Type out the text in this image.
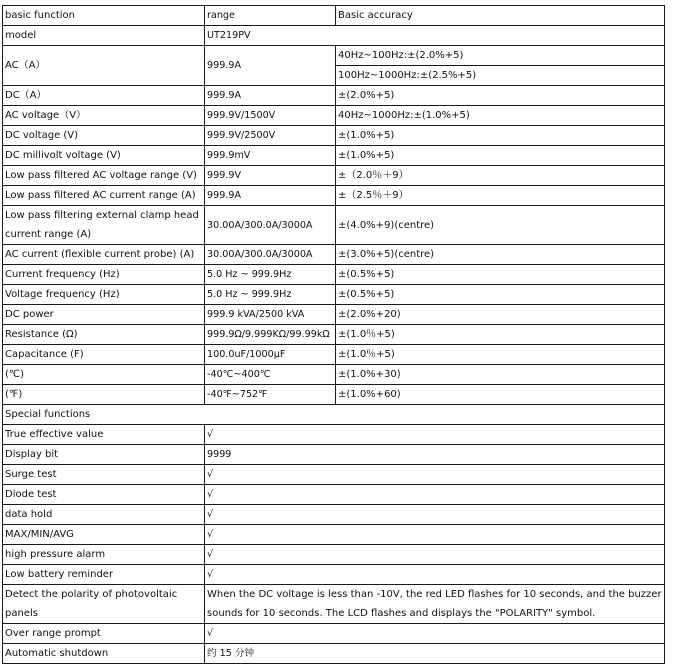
basic function	range	Basic accuracy
model	UT219PV	
AC（A）	999.9A	40Hz~100Hz:±(2.0%+5)
		100Hz~1000Hz:±(2.5%+5)
DC（A）	999.9A	±(2.0%+5)
AC voltage（V）	999.9V/1500V	40Hz~1000Hz:±(1.0%+5)
DC voltage (V)	999.9V/2500V	±(1.0%+5)
DC millivolt voltage (V)	999.9mV	±(1.0%+5)
Low pass filtered AC voltage range (V)	999.9V	±（2.0％＋9）
Low pass filtered AC current range (A)	999.9A	±（2.5％＋9）
Low pass filtering external clamp head current range (A)	30.00A/300.0A/3000A	±(4.0%+9)(centre)
AC current (flexible current probe) (A)	30.00A/300.0A/3000A	±(3.0%+5)(centre)
Current frequency (Hz)	5.0 Hz ~ 999.9Hz	±(0.5%+5)
Voltage frequency (Hz)	5.0 Hz ~ 999.9Hz	±(0.5%+5)
DC power	999.9 kVA/2500 kVA	±(2.0%+20)
Resistance (Ω)	999.9Ω/9.999KΩ/99.99kΩ	±(1.0％+5)
Capacitance (F)	100.0uF/1000µF	±(1.0％+5)
(℃)	-40℃~400℃	±(1.0%+30)
(℉)	-40℉~752℉	±(1.0%+60)
Special functions		
True effective value	√	
Display bit	9999	
Surge test	√	
Diode test	√	
data hold	√	
MAX/MIN/AVG	√	
high pressure alarm	√	
Low battery reminder	√	
Detect the polarity of photovoltaic panels	When the DC voltage is less than -10V, the red LED flashes for 10 seconds, and the buzzer sounds for 10 seconds. The LCD flashes and displays the "POLARITY" symbol.	
Over range prompt	√	
Automatic shutdown	约 15 分钟	
